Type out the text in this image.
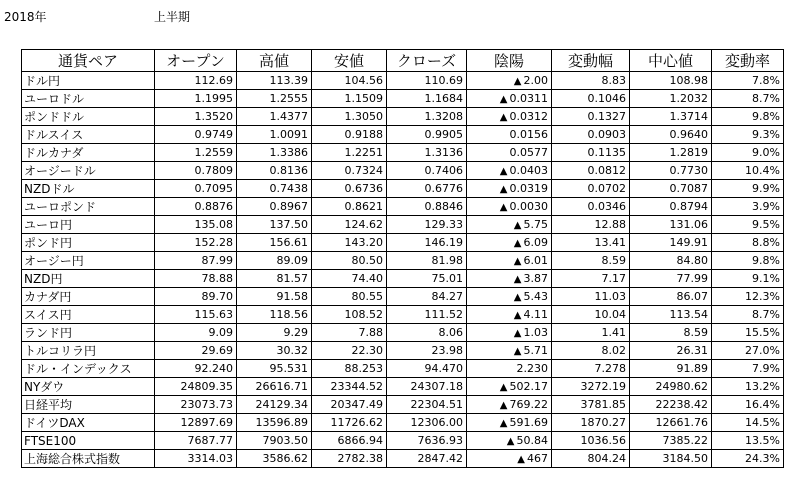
2018年	上半期
通貨ペア	オープン	高値	安値	クローズ	陰陽	変動幅	中心値	変動率
ドル円	112.69	113.39	104.56	110.69	▲ 2.00	8.83	108.98	7.8%
ユーロドル	1.1995	1.2555	1.1509	1.1684	▲ 0.0311	0.1046	1.2032	8.7%
ポンドドル	1.3520	1.4377	1.3050	1.3208	▲ 0.0312	0.1327	1.3714	9.8%
ドルスイス	0.9749	1.0091	0.9188	0.9905	0.0156	0.0903	0.9640	9.3%
ドルカナダ	1.2559	1.3386	1.2251	1.3136	0.0577	0.1135	1.2819	9.0%
オージードル	0.7809	0.8136	0.7324	0.7406	▲ 0.0403	0.0812	0.7730	10.4%
NZDドル	0.7095	0.7438	0.6736	0.6776	▲ 0.0319	0.0702	0.7087	9.9%
ユーロポンド	0.8876	0.8967	0.8621	0.8846	▲ 0.0030	0.0346	0.8794	3.9%
ユーロ円	135.08	137.50	124.62	129.33	▲ 5.75	12.88	131.06	9.5%
ポンド円	152.28	156.61	143.20	146.19	▲ 6.09	13.41	149.91	8.8%
オージー円	87.99	89.09	80.50	81.98	▲ 6.01	8.59	84.80	9.8%
NZD円	78.88	81.57	74.40	75.01	▲ 3.87	7.17	77.99	9.1%
カナダ円	89.70	91.58	80.55	84.27	▲ 5.43	11.03	86.07	12.3%
スイス円	115.63	118.56	108.52	111.52	▲ 4.11	10.04	113.54	8.7%
ランド円	9.09	9.29	7.88	8.06	▲ 1.03	1.41	8.59	15.5%
トルコリラ円	29.69	30.32	22.30	23.98	▲ 5.71	8.02	26.31	27.0%
ドル・インデックス	92.240	95.531	88.253	94.470	2.230	7.278	91.89	7.9%
NYダウ	24809.35	26616.71	23344.52	24307.18	▲ 502.17	3272.19	24980.62	13.2%
日経平均	23073.73	24129.34	20347.49	22304.51	▲ 769.22	3781.85	22238.42	16.4%
ドイツDAX	12897.69	13596.89	11726.62	12306.00	▲ 591.69	1870.27	12661.76	14.5%
FTSE100	7687.77	7903.50	6866.94	7636.93	▲ 50.84	1036.56	7385.22	13.5%
上海総合株式指数	3314.03	3586.62	2782.38	2847.42	▲ 467	804.24	3184.50	24.3%
